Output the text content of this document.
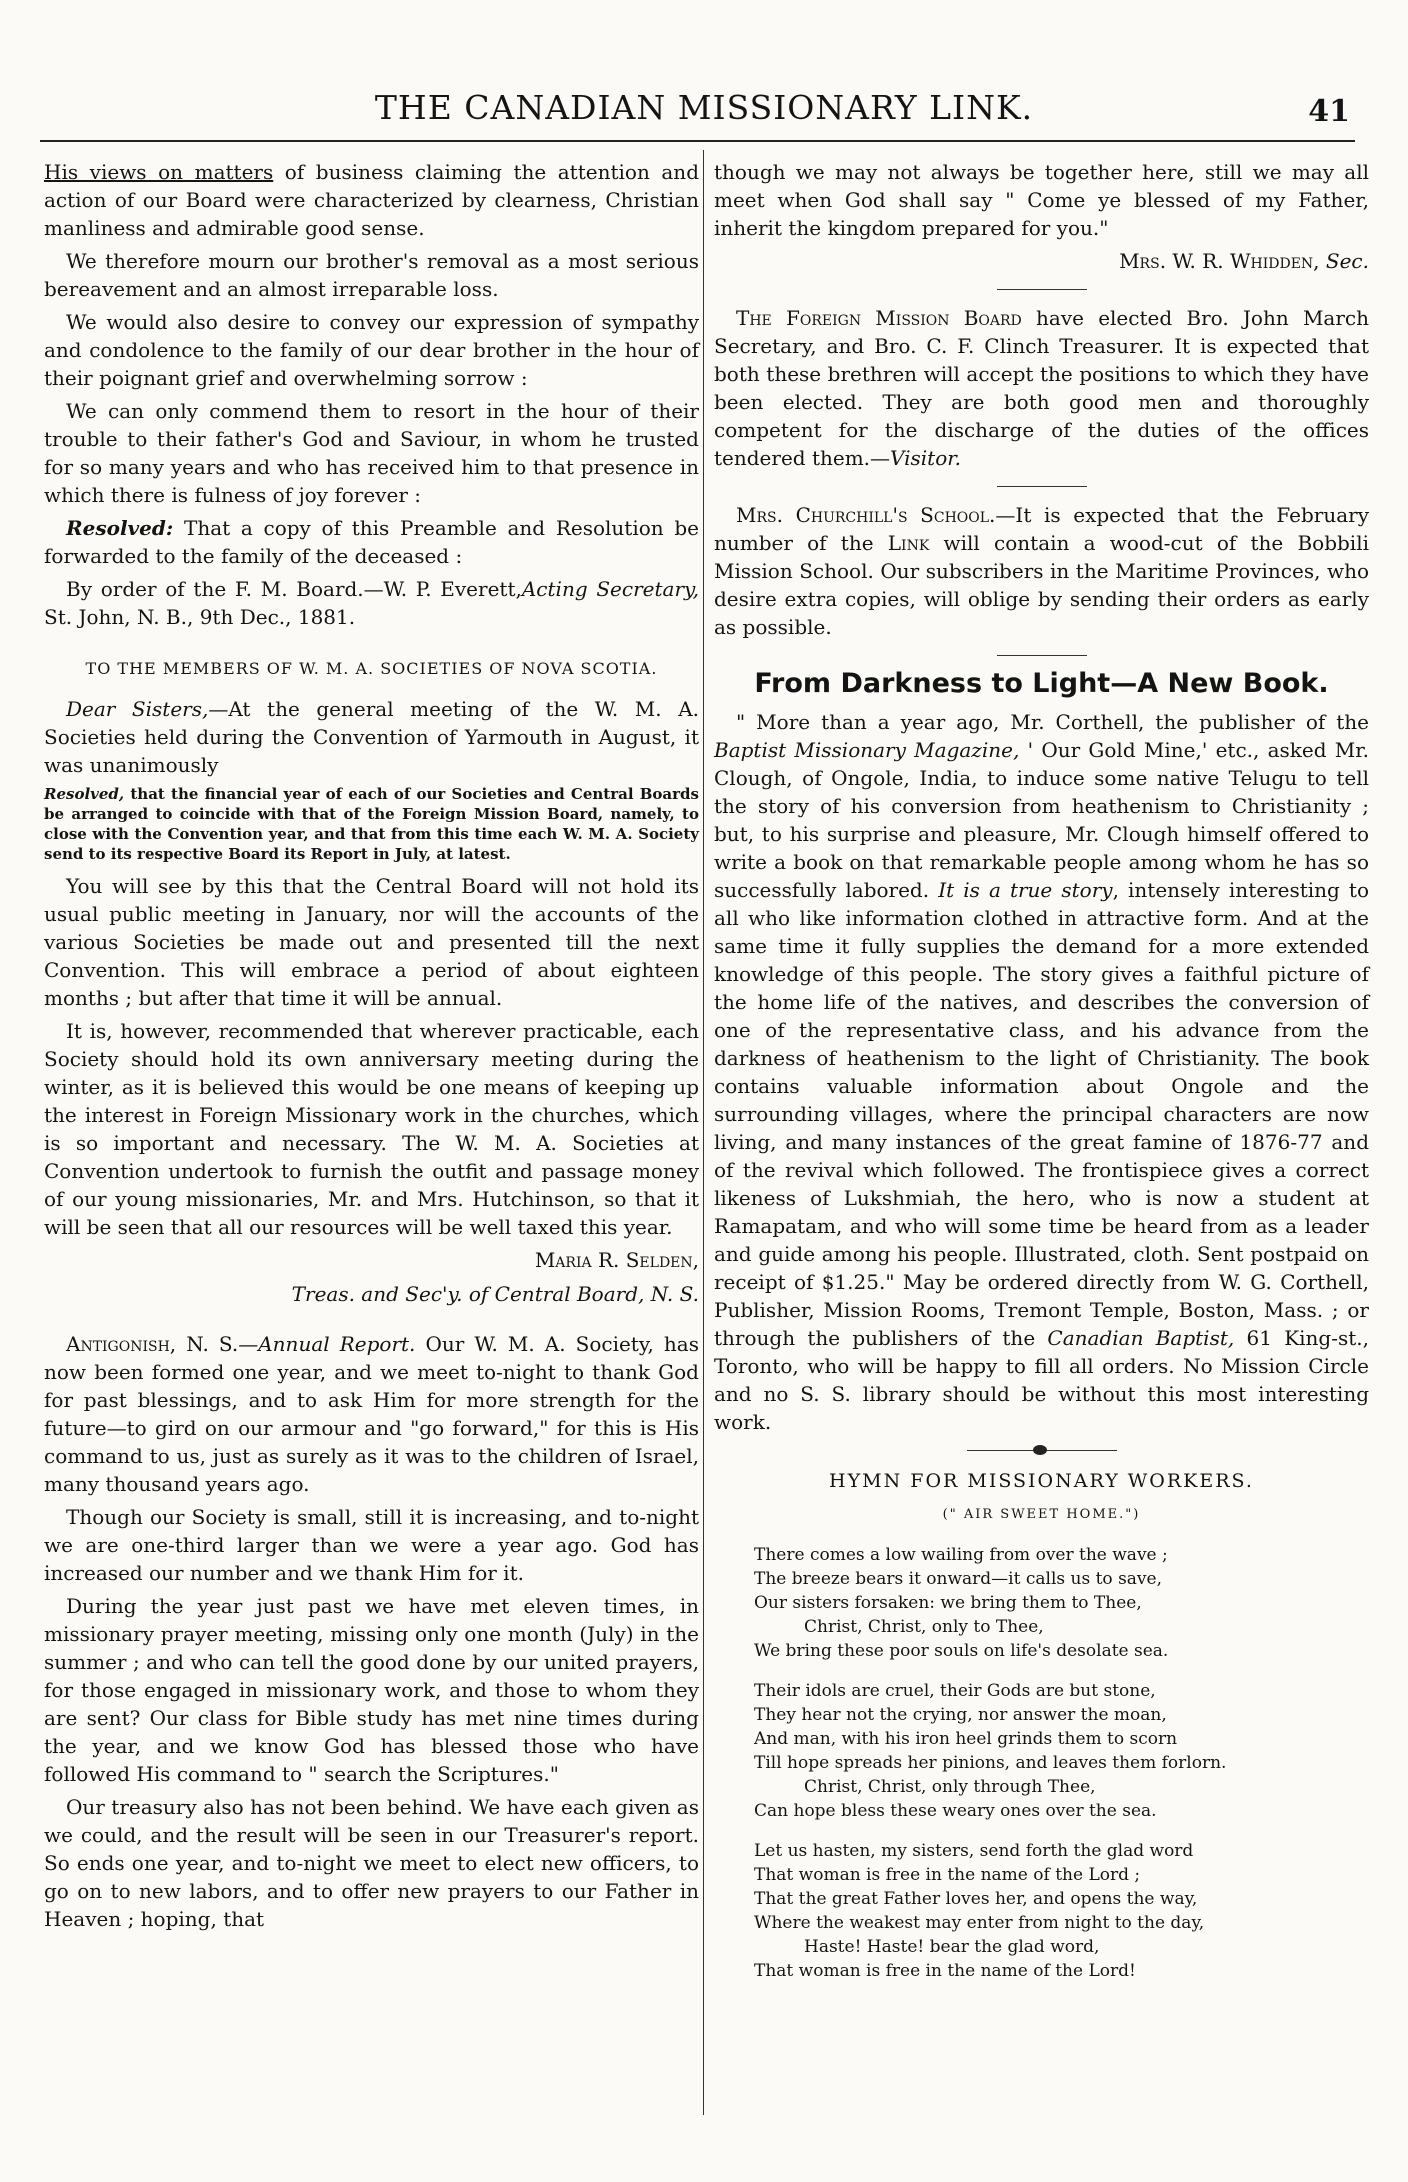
THE CANADIAN MISSIONARY LINK.	41

His views on matters of business claiming the attention and action of our Board were characterized by clearness, Christian manliness and admirable good sense.

We therefore mourn our brother's removal as a most serious bereavement and an almost irreparable loss.

We would also desire to convey our expression of sympathy and condolence to the family of our dear brother in the hour of their poignant grief and overwhelming sorrow :

We can only commend them to resort in the hour of their trouble to their father's God and Saviour, in whom he trusted for so many years and who has received him to that presence in which there is fulness of joy forever :

Resolved: That a copy of this Preamble and Resolution be forwarded to the family of the deceased :

By order of the F. M. Board.—W. P. Everett,Acting Secretary, St. John, N. B., 9th Dec., 1881.

TO THE MEMBERS OF W. M. A. SOCIETIES OF NOVA SCOTIA.

Dear Sisters,—At the general meeting of the W. M. A. Societies held during the Convention of Yarmouth in August, it was unanimously

Resolved, that the financial year of each of our Societies and Central Boards be arranged to coincide with that of the Foreign Mission Board, namely, to close with the Convention year, and that from this time each W. M. A. Society send to its respective Board its Report in July, at latest.

You will see by this that the Central Board will not hold its usual public meeting in January, nor will the accounts of the various Societies be made out and presented till the next Convention. This will embrace a period of about eighteen months ; but after that time it will be annual.

It is, however, recommended that wherever practicable, each Society should hold its own anniversary meeting during the winter, as it is believed this would be one means of keeping up the interest in Foreign Missionary work in the churches, which is so important and necessary. The W. M. A. Societies at Convention undertook to furnish the outfit and passage money of our young missionaries, Mr. and Mrs. Hutchinson, so that it will be seen that all our resources will be well taxed this year.

Maria R. Selden,

Treas. and Sec'y. of Central Board, N. S.

Antigonish, N. S.—Annual Report. Our W. M. A. Society, has now been formed one year, and we meet to-night to thank God for past blessings, and to ask Him for more strength for the future—to gird on our armour and "go forward," for this is His command to us, just as surely as it was to the children of Israel, many thousand years ago.

Though our Society is small, still it is increasing, and to-night we are one-third larger than we were a year ago. God has increased our number and we thank Him for it.

During the year just past we have met eleven times, in missionary prayer meeting, missing only one month (July) in the summer ; and who can tell the good done by our united prayers, for those engaged in missionary work, and those to whom they are sent? Our class for Bible study has met nine times during the year, and we know God has blessed those who have followed His command to " search the Scriptures."

Our treasury also has not been behind. We have each given as we could, and the result will be seen in our Treasurer's report. So ends one year, and to-night we meet to elect new officers, to go on to new labors, and to offer new prayers to our Father in Heaven ; hoping, that

though we may not always be together here, still we may all meet when God shall say " Come ye blessed of my Father, inherit the kingdom prepared for you."

Mrs. W. R. Whidden, Sec.

The Foreign Mission Board have elected Bro. John March Secretary, and Bro. C. F. Clinch Treasurer. It is expected that both these brethren will accept the positions to which they have been elected. They are both good men and thoroughly competent for the discharge of the duties of the offices tendered them.—Visitor.

Mrs. Churchill's School.—It is expected that the February number of the Link will contain a wood-cut of the Bobbili Mission School. Our subscribers in the Maritime Provinces, who desire extra copies, will oblige by sending their orders as early as possible.

From Darkness to Light—A New Book.

" More than a year ago, Mr. Corthell, the publisher of the Baptist Missionary Magazine, ' Our Gold Mine,' etc., asked Mr. Clough, of Ongole, India, to induce some native Telugu to tell the story of his conversion from heathenism to Christianity ; but, to his surprise and pleasure, Mr. Clough himself offered to write a book on that remarkable people among whom he has so successfully labored. It is a true story, intensely interesting to all who like information clothed in attractive form. And at the same time it fully supplies the demand for a more extended knowledge of this people. The story gives a faithful picture of the home life of the natives, and describes the conversion of one of the representative class, and his advance from the darkness of heathenism to the light of Christianity. The book contains valuable information about Ongole and the surrounding villages, where the principal characters are now living, and many instances of the great famine of 1876-77 and of the revival which followed. The frontispiece gives a correct likeness of Lukshmiah, the hero, who is now a student at Ramapatam, and who will some time be heard from as a leader and guide among his people. Illustrated, cloth. Sent postpaid on receipt of $1.25." May be ordered directly from W. G. Corthell, Publisher, Mission Rooms, Tremont Temple, Boston, Mass. ; or through the publishers of the Canadian Baptist, 61 King-st., Toronto, who will be happy to fill all orders. No Mission Circle and no S. S. library should be without this most interesting work.

HYMN FOR MISSIONARY WORKERS.

(" AIR SWEET HOME.")

There comes a low wailing from over the wave ;
The breeze bears it onward—it calls us to save,
Our sisters forsaken: we bring them to Thee,
Christ, Christ, only to Thee,
We bring these poor souls on life's desolate sea.
Their idols are cruel, their Gods are but stone,
They hear not the crying, nor answer the moan,
And man, with his iron heel grinds them to scorn
Till hope spreads her pinions, and leaves them forlorn.
Christ, Christ, only through Thee,
Can hope bless these weary ones over the sea.
Let us hasten, my sisters, send forth the glad word
That woman is free in the name of the Lord ;
That the great Father loves her, and opens the way,
Where the weakest may enter from night to the day,
Haste! Haste! bear the glad word,
That woman is free in the name of the Lord!
